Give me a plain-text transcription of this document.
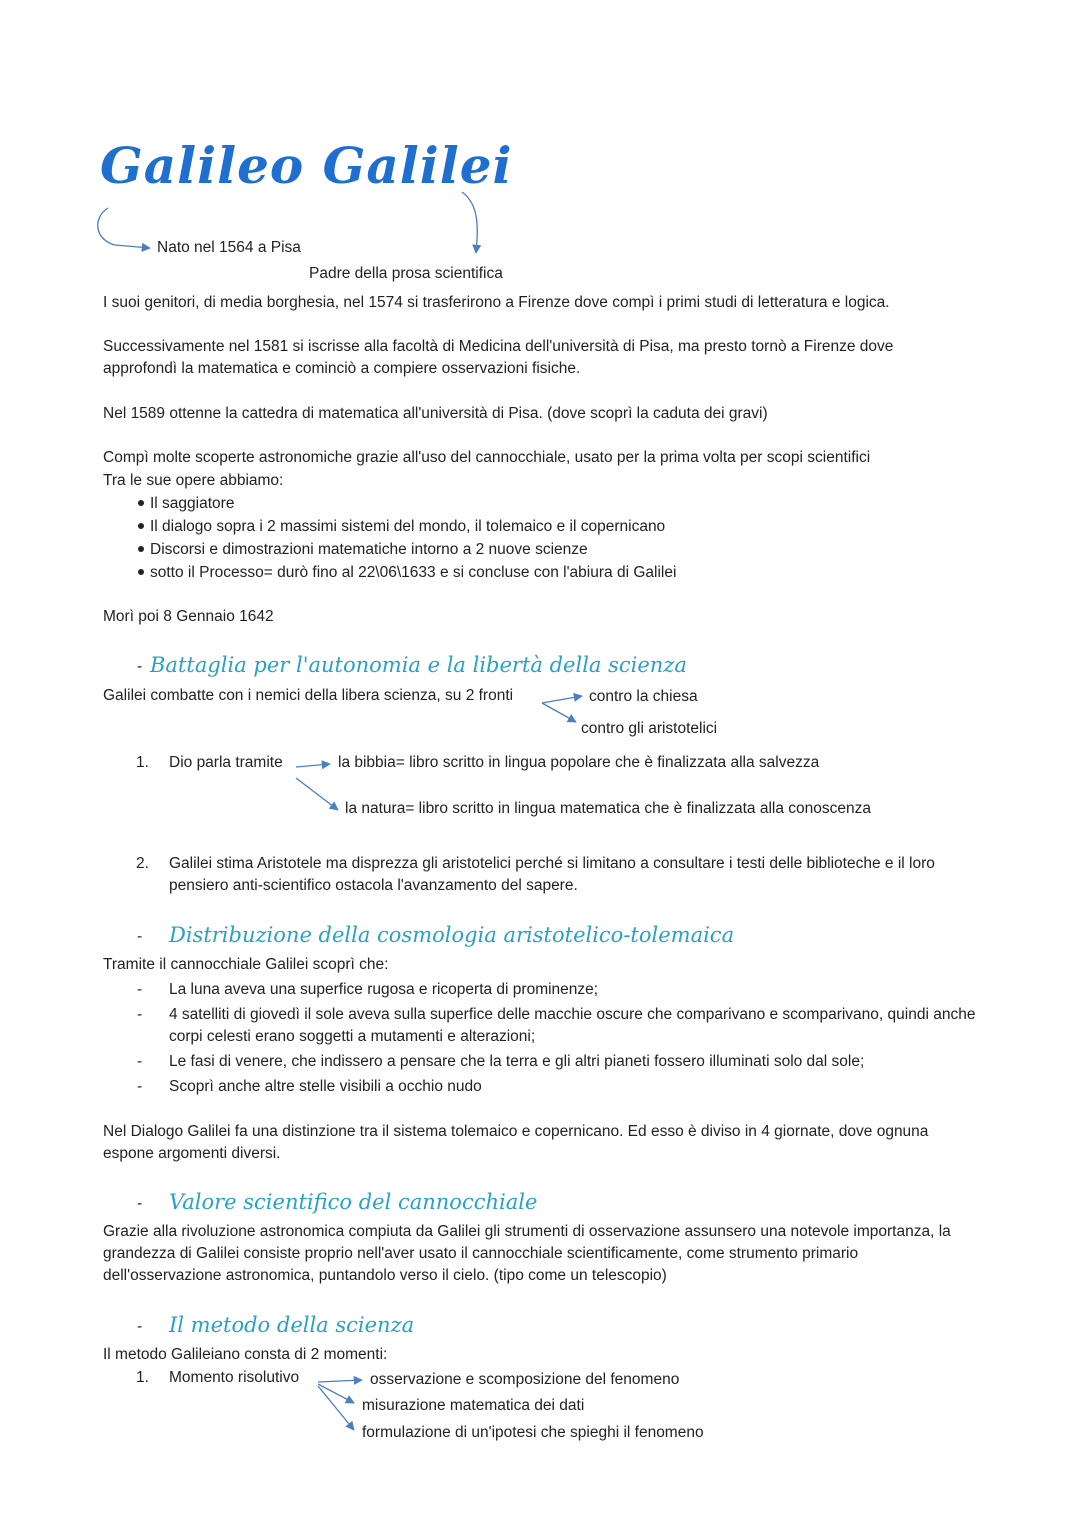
Galileo Galilei
Nato nel 1564 a Pisa
Padre della prosa scientifica
I suoi genitori, di media borghesia, nel 1574 si trasferirono a Firenze dove compì i primi studi di letteratura e logica.
Successivamente nel 1581 si iscrisse alla facoltà di Medicina dell'università di Pisa, ma presto tornò a Firenze dove approfondì la matematica e cominciò a compiere osservazioni fisiche.
Nel 1589 ottenne la cattedra di matematica all'università di Pisa. (dove scoprì la caduta dei gravi)
Compì molte scoperte astronomiche grazie all'uso del cannocchiale, usato per la prima volta per scopi scientifici
Tra le sue opere abbiamo:
Il saggiatore
Il dialogo sopra i 2 massimi sistemi del mondo, il tolemaico e il copernicano
Discorsi e dimostrazioni matematiche intorno a 2 nuove scienze
sotto il Processo= durò fino al 22\06\1633 e si concluse con l'abiura di Galilei
Morì poi 8 Gennaio 1642
- Battaglia per l'autonomia e la libertà della scienza
Galilei combatte con i nemici della libera scienza, su 2 fronti	contro la chiesa
contro gli aristotelici
1. Dio parla tramite	la bibbia= libro scritto in lingua popolare che è finalizzata alla salvezza
la natura= libro scritto in lingua matematica che è finalizzata alla conoscenza
2. Galilei stima Aristotele ma disprezza gli aristotelici perché si limitano a consultare i testi delle biblioteche e il loro pensiero anti-scientifico ostacola l'avanzamento del sapere.
- Distribuzione della cosmologia aristotelico-tolemaica
Tramite il cannocchiale Galilei scoprì che:
- La luna aveva una superfice rugosa e ricoperta di prominenze;
- 4 satelliti di giovedì il sole aveva sulla superfice delle macchie oscure che comparivano e scomparivano, quindi anche corpi celesti erano soggetti a mutamenti e alterazioni;
- Le fasi di venere, che indissero a pensare che la terra e gli altri pianeti fossero illuminati solo dal sole;
- Scoprì anche altre stelle visibili a occhio nudo
Nel Dialogo Galilei fa una distinzione tra il sistema tolemaico e copernicano. Ed esso è diviso in 4 giornate, dove ognuna espone argomenti diversi.
- Valore scientifico del cannocchiale
Grazie alla rivoluzione astronomica compiuta da Galilei gli strumenti di osservazione assunsero una notevole importanza, la grandezza di Galilei consiste proprio nell'aver usato il cannocchiale scientificamente, come strumento primario dell'osservazione astronomica, puntandolo verso il cielo. (tipo come un telescopio)
- Il metodo della scienza
Il metodo Galileiano consta di 2 momenti:
1. Momento risolutivo	osservazione e scomposizione del fenomeno
misurazione matematica dei dati
formulazione di un'ipotesi che spieghi il fenomeno
